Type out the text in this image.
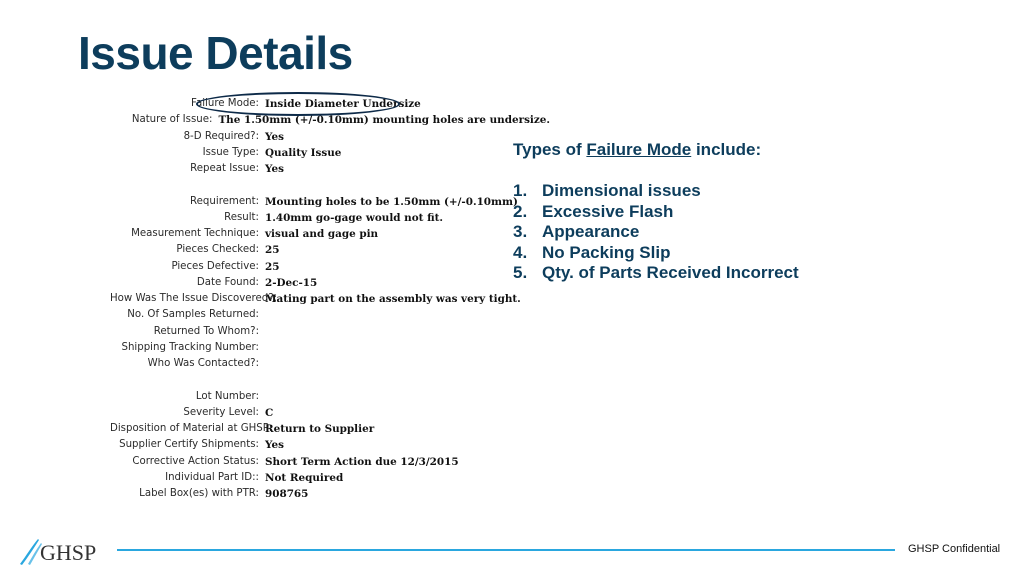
Issue Details
Failure Mode: Inside Diameter Undersize
Nature of Issue: The 1.50mm (+/-0.10mm) mounting holes are undersize.
8-D Required?: Yes
Issue Type: Quality Issue
Repeat Issue: Yes
Requirement: Mounting holes to be 1.50mm (+/-0.10mm)
Result: 1.40mm go-gage would not fit.
Measurement Technique: visual and gage pin
Pieces Checked: 25
Pieces Defective: 25
Date Found: 2-Dec-15
How Was The Issue Discovered?:
Mating part on the assembly was very tight.
No. Of Samples Returned:
Returned To Whom?:
Shipping Tracking Number:
Who Was Contacted?:
Lot Number:
Severity Level: C
Disposition of Material at GHSP:
Return to Supplier
Supplier Certify Shipments: Yes
Corrective Action Status: Short Term Action due 12/3/2015
Individual Part ID:: Not Required
Label Box(es) with PTR: 908765
Types of Failure Mode include:
1. Dimensional issues
2. Excessive Flash
3. Appearance
4. No Packing Slip
5. Qty. of Parts Received Incorrect
GHSP	GHSP Confidential
